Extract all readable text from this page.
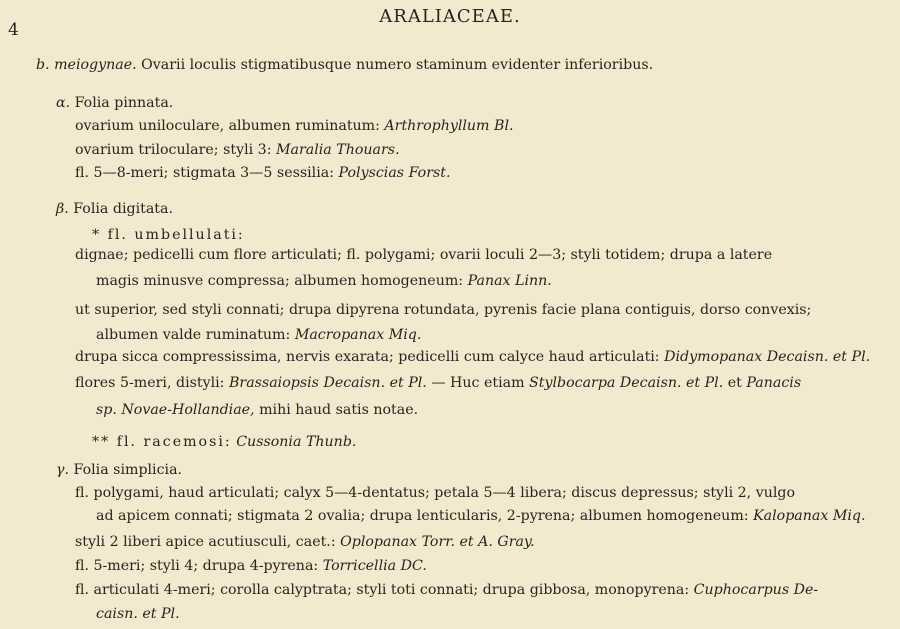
4
ARALIACEAE.
b. meiogynae. Ovarii loculis stigmatibusque numero staminum evidenter inferioribus.
α. Folia pinnata.
ovarium uniloculare, albumen ruminatum: Arthrophyllum Bl.
ovarium triloculare; styli 3: Maralia Thouars.
fl. 5—8-meri; stigmata 3—5 sessilia: Polyscias Forst.
β. Folia digitata.
* fl. umbellulati:
dignae; pedicelli cum flore articulati; fl. polygami; ovarii loculi 2—3; styli totidem; drupa a latere
magis minusve compressa; albumen homogeneum: Panax Linn.
ut superior, sed styli connati; drupa dipyrena rotundata, pyrenis facie plana contiguis, dorso convexis;
albumen valde ruminatum: Macropanax Miq.
drupa sicca compressissima, nervis exarata; pedicelli cum calyce haud articulati: Didymopanax Decaisn. et Pl.
flores 5-meri, distyli: Brassaiopsis Decaisn. et Pl. — Huc etiam Stylbocarpa Decaisn. et Pl. et Panacis
sp. Novae-Hollandiae, mihi haud satis notae.
** fl. racemosi: Cussonia Thunb.
γ. Folia simplicia.
fl. polygami, haud articulati; calyx 5—4-dentatus; petala 5—4 libera; discus depressus; styli 2, vulgo
ad apicem connati; stigmata 2 ovalia; drupa lenticularis, 2-pyrena; albumen homogeneum: Kalopanax Miq.
styli 2 liberi apice acutiusculi, caet.: Oplopanax Torr. et A. Gray.
fl. 5-meri; styli 4; drupa 4-pyrena: Torricellia DC.
fl. articulati 4-meri; corolla calyptrata; styli toti connati; drupa gibbosa, monopyrena: Cuphocarpus De-
caisn. et Pl.
